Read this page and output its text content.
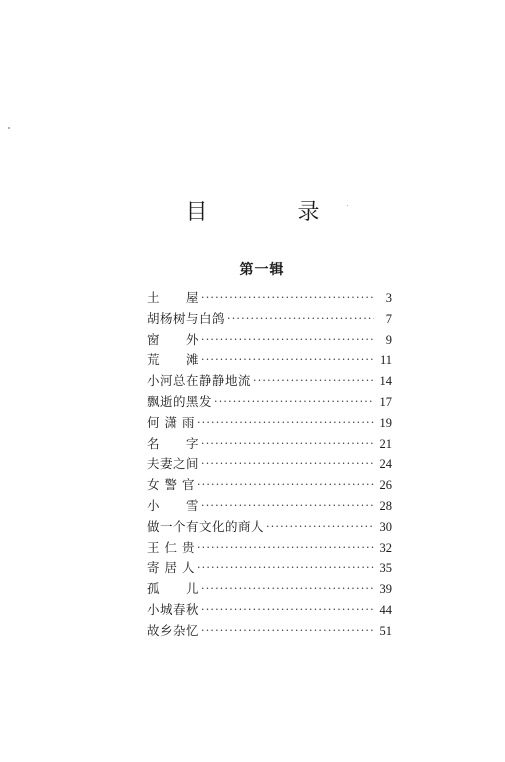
目　录
第一辑
土　　屋 ·····	3
胡杨树与白鸽 ·····	7
窗　　外 ·····	9
荒　　滩 ·····	11
小河总在静静地流 ·····	14
飘逝的黑发 ·····	17
何 潇 雨 ·····	19
名　　字 ·····	21
夫妻之间 ·····	24
女 警 官 ·····	26
小　　雪 ·····	28
做一个有文化的商人 ·····	30
王 仁 贵 ·····	32
寄 居 人 ·····	35
孤　　儿 ·····	39
小城春秋 ·····	44
故乡杂忆 ·····	51
